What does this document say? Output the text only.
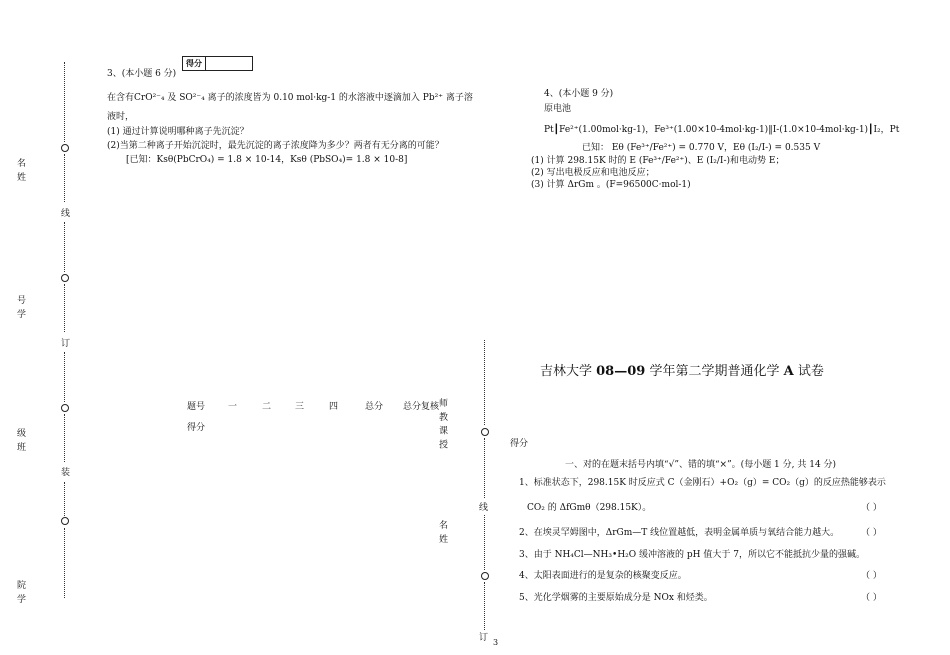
名 姓
号 学
级 班
院 学
线
订
装
3、(本小题 6 分)
得分

在含有CrO²⁻₄ 及 SO²⁻₄ 离子的浓度皆为 0.10 mol·kg-1 的水溶液中逐滴加入 Pb²⁺ 离子溶
液时，
(1) 通过计算说明哪种离子先沉淀？
(2)当第二种离子开始沉淀时，最先沉淀的离子浓度降为多少？两者有无分离的可能？
[已知：Ksθ(PbCrO₄) = 1.8 × 10-14，Ksθ (PbSO₄)= 1.8 × 10-8]
4、(本小题 9 分)
原电池
Pt┃Fe²⁺(1.00mol·kg-1)，Fe³⁺(1.00×10-4mol·kg-1)‖I-(1.0×10-4mol·kg-1)┃I₂，Pt
已知： Eθ (Fe³⁺/Fe²⁺) = 0.770 V，Eθ (I₂/I-) = 0.535 V
(1) 计算 298.15K 时的 E (Fe³⁺/Fe²⁺)、E (I₂/I-)和电动势 E；
(2) 写出电极反应和电池反应；
(3) 计算 ΔrGm 。(F=96500C·mol-1)
题号	一	二	三	四	总分 总分复核
得分	师 教 课 授
名 姓
线
订 3
吉林大学 08—09 学年第二学期普通化学 A 试卷
得分
一、对的在题末括号内填“√”、错的填“×”。(每小题 1 分, 共 14 分)
1、标准状态下，298.15K 时反应式 C（金刚石）+O₂（g）= CO₂（g）的反应热能够表示
CO₂ 的 ΔfGmθ（298.15K）。	（ ）
2、在埃灵罕姆图中，ΔrGm—T 线位置越低，表明金属单质与氧结合能力越大。 （ ）
3、由于 NH₄Cl—NH₃•H₂O 缓冲溶液的 pH 值大于 7，所以它不能抵抗少量的强碱。
4、太阳表面进行的是复杂的核聚变反应。	（ ）
5、光化学烟雾的主要原始成分是 NOx 和烃类。	（ ）
